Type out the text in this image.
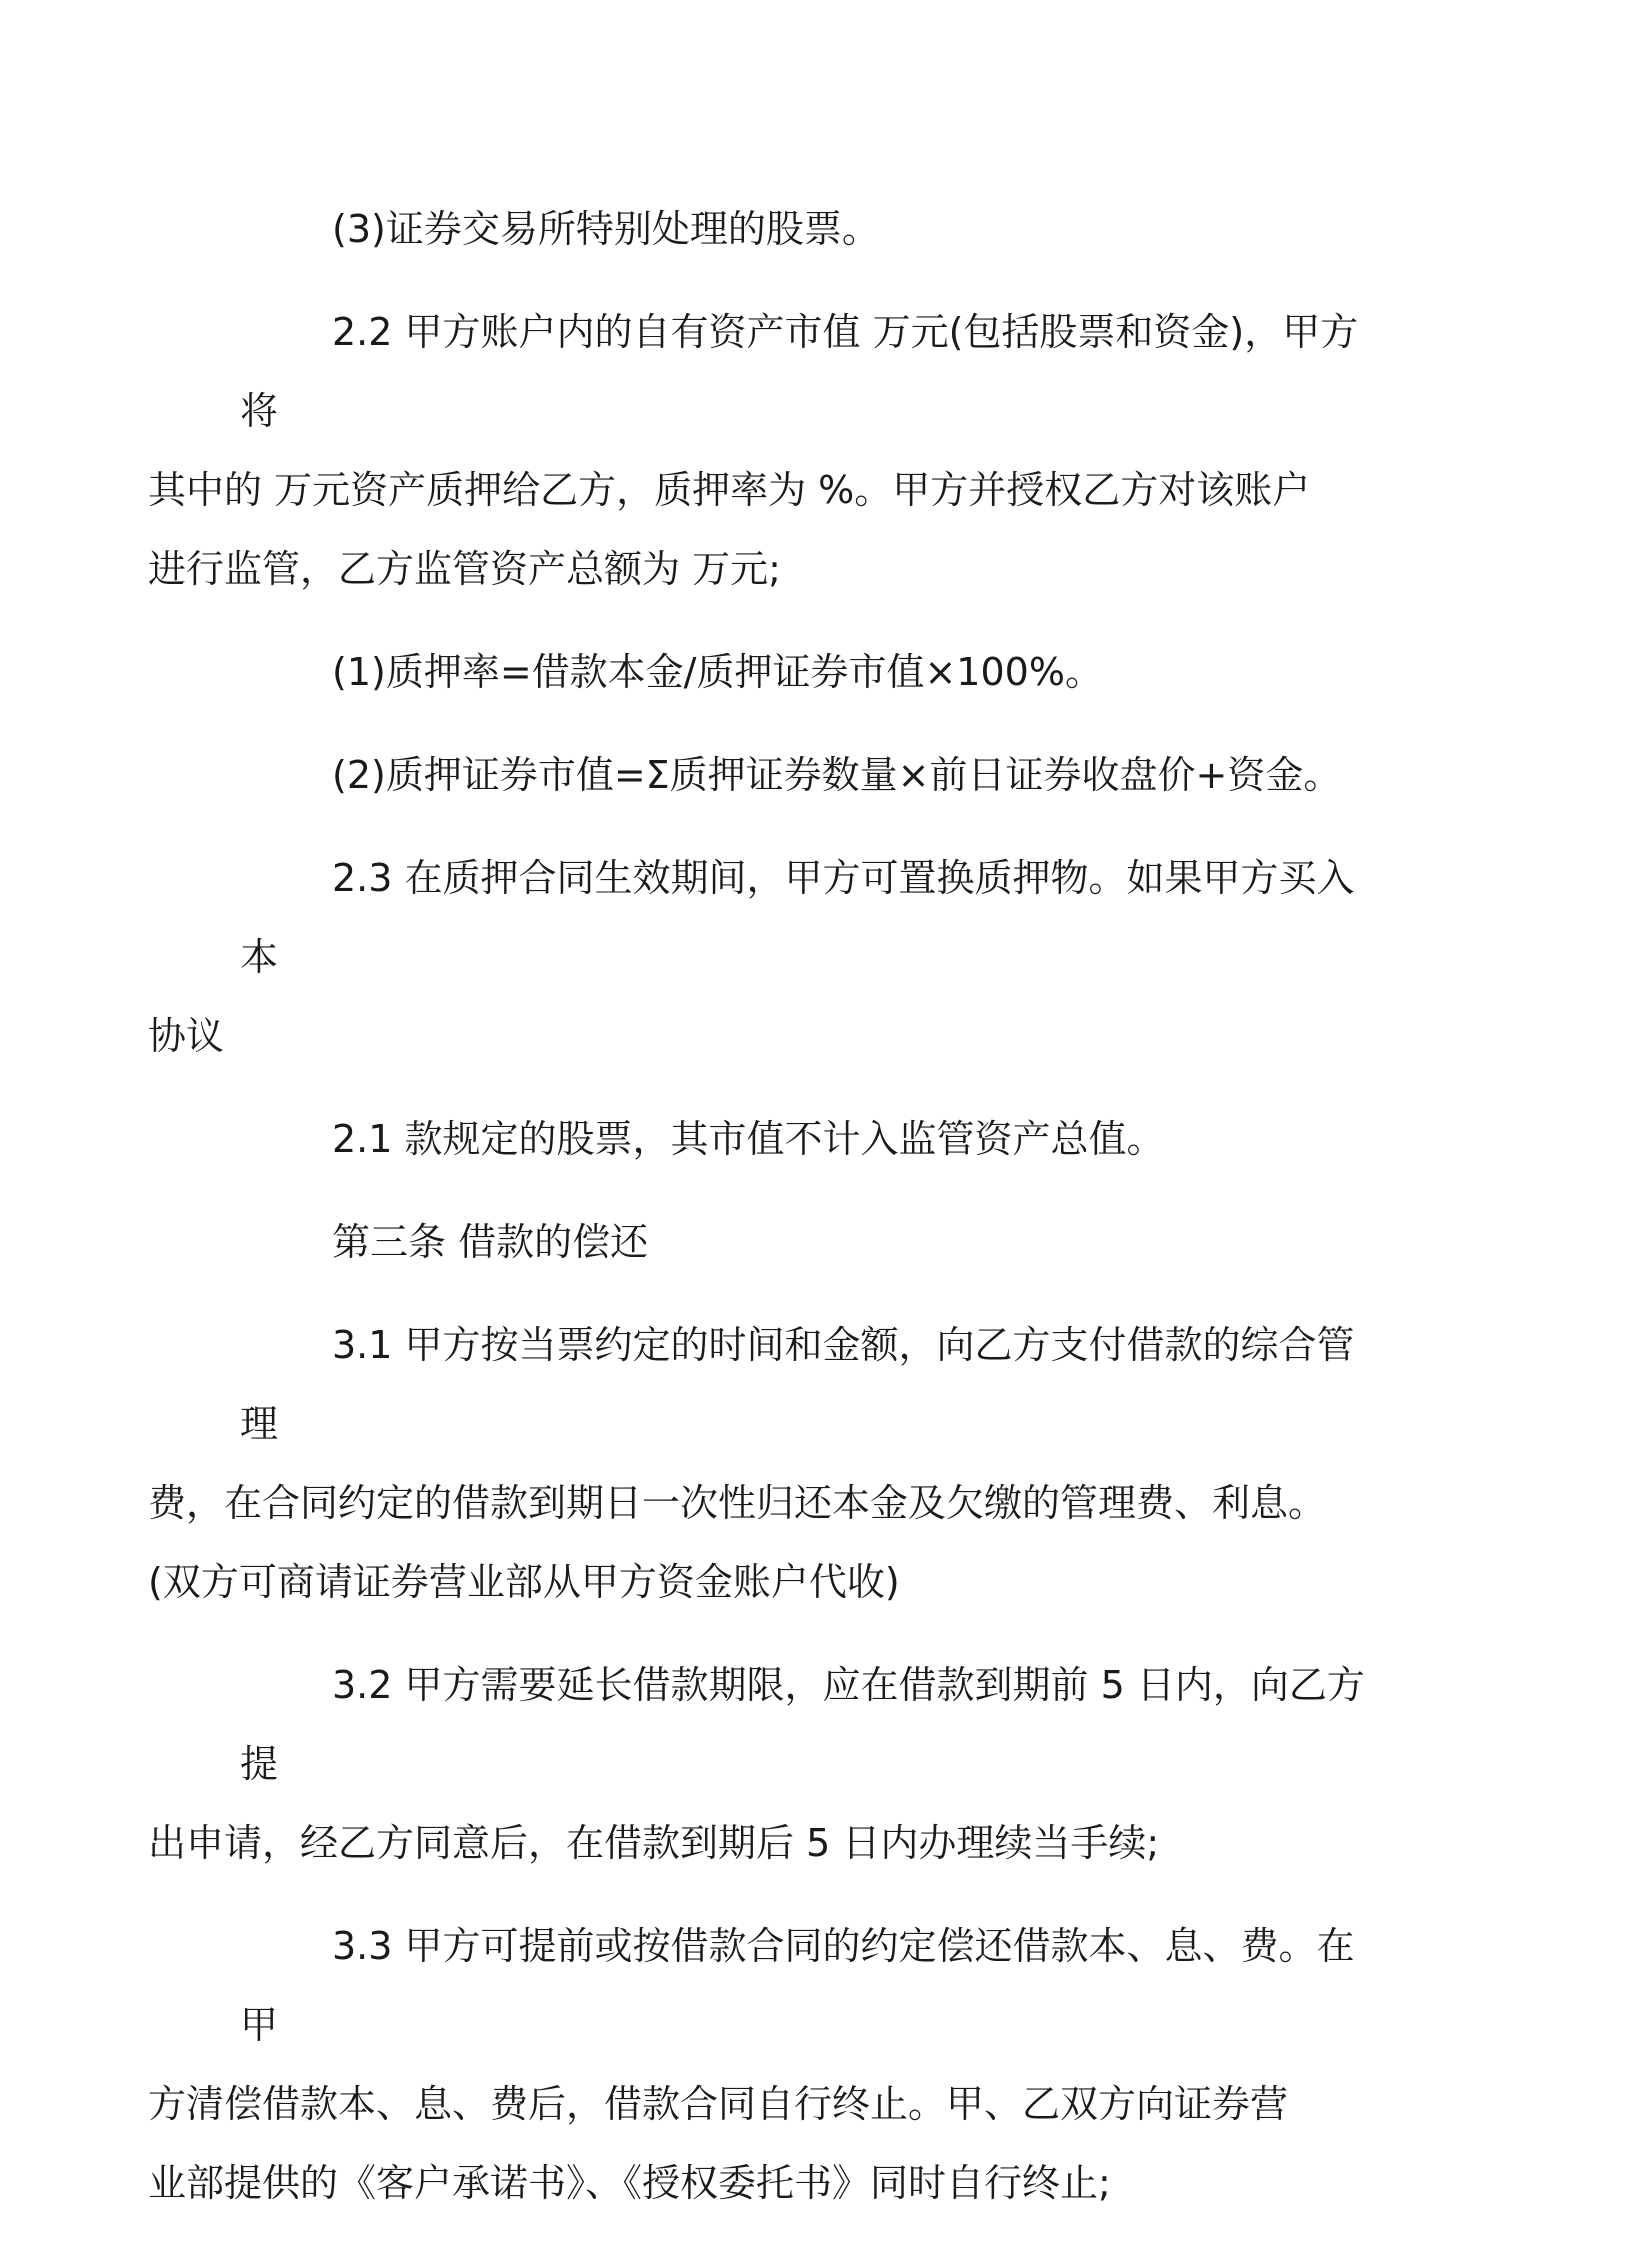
(3)证券交易所特别处理的股票。
2.2 甲方账户内的自有资产市值 万元(包括股票和资金)，甲方将
其中的 万元资产质押给乙方，质押率为 %。甲方并授权乙方对该账户
进行监管，乙方监管资产总额为 万元;
(1)质押率=借款本金/质押证券市值×100%。
(2)质押证券市值=Σ质押证券数量×前日证券收盘价+资金。
2.3 在质押合同生效期间，甲方可置换质押物。如果甲方买入本
协议
2.1 款规定的股票，其市值不计入监管资产总值。
第三条 借款的偿还
3.1 甲方按当票约定的时间和金额，向乙方支付借款的综合管理
费，在合同约定的借款到期日一次性归还本金及欠缴的管理费、利息。
(双方可商请证券营业部从甲方资金账户代收)
3.2 甲方需要延长借款期限，应在借款到期前 5 日内，向乙方提
出申请，经乙方同意后，在借款到期后 5 日内办理续当手续;
3.3 甲方可提前或按借款合同的约定偿还借款本、息、费。在甲
方清偿借款本、息、费后，借款合同自行终止。甲、乙双方向证券营
业部提供的《客户承诺书》、《授权委托书》同时自行终止;
